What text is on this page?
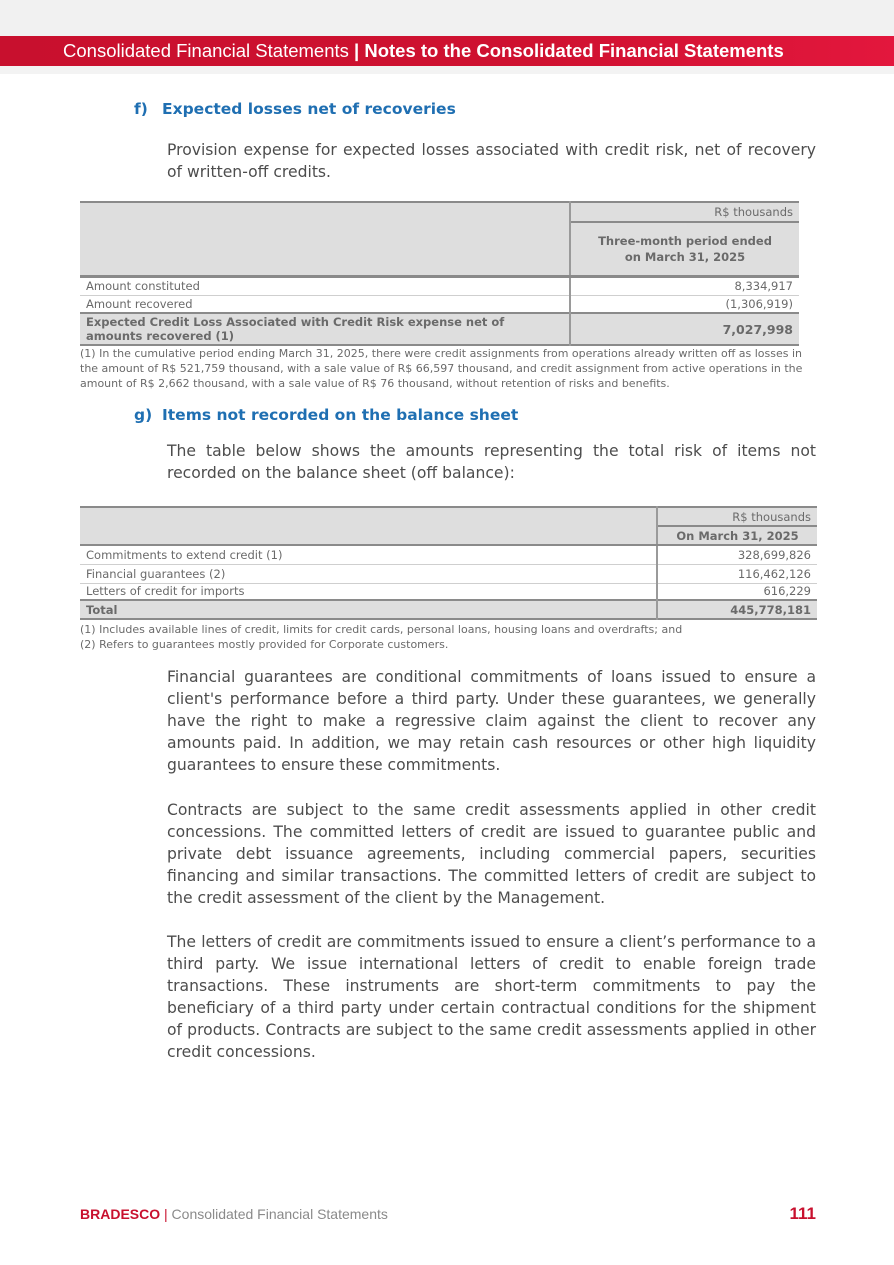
Consolidated Financial Statements | Notes to the Consolidated Financial Statements
f) Expected losses net of recoveries
Provision expense for expected losses associated with credit risk, net of recovery of written-off credits.
	R$ thousands
	Three-month period ended on March 31, 2025
Amount constituted	8,334,917
Amount recovered	(1,306,919)
Expected Credit Loss Associated with Credit Risk expense net of amounts recovered (1)	7,027,998
(1) In the cumulative period ending March 31, 2025, there were credit assignments from operations already written off as losses in the amount of R$ 521,759 thousand, with a sale value of R$ 66,597 thousand, and credit assignment from active operations in the amount of R$ 2,662 thousand, with a sale value of R$ 76 thousand, without retention of risks and benefits.
g) Items not recorded on the balance sheet
The table below shows the amounts representing the total risk of items not recorded on the balance sheet (off balance):
	R$ thousands
	On March 31, 2025
Commitments to extend credit (1)	328,699,826
Financial guarantees (2)	116,462,126
Letters of credit for imports	616,229
Total	445,778,181
(1) Includes available lines of credit, limits for credit cards, personal loans, housing loans and overdrafts; and
(2) Refers to guarantees mostly provided for Corporate customers.
Financial guarantees are conditional commitments of loans issued to ensure a client's performance before a third party. Under these guarantees, we generally have the right to make a regressive claim against the client to recover any amounts paid. In addition, we may retain cash resources or other high liquidity guarantees to ensure these commitments.
Contracts are subject to the same credit assessments applied in other credit concessions. The committed letters of credit are issued to guarantee public and private debt issuance agreements, including commercial papers, securities financing and similar transactions. The committed letters of credit are subject to the credit assessment of the client by the Management.
The letters of credit are commitments issued to ensure a client’s performance to a third party. We issue international letters of credit to enable foreign trade transactions. These instruments are short-term commitments to pay the beneficiary of a third party under certain contractual conditions for the shipment of products. Contracts are subject to the same credit assessments applied in other credit concessions.
BRADESCO | Consolidated Financial Statements	111
